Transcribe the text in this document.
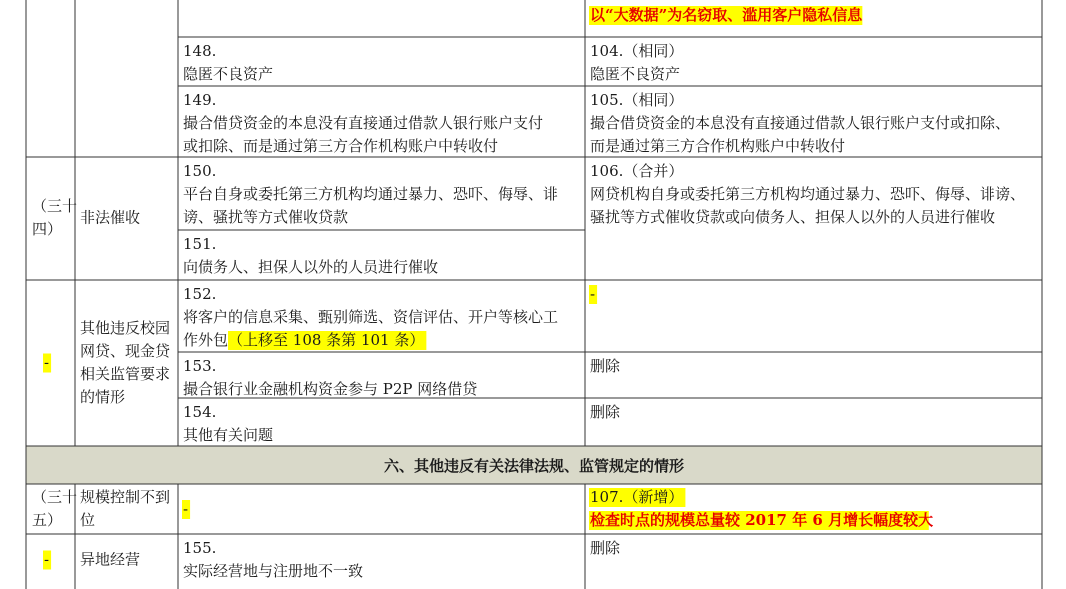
以“大数据”为名窃取、滥用客户隐私信息
148.
隐匿不良资产
104.（相同）
隐匿不良资产
149.
撮合借贷资金的本息没有直接通过借款人银行账户支付
或扣除、而是通过第三方合作机构账户中转收付
105.（相同）
撮合借贷资金的本息没有直接通过借款人银行账户支付或扣除、
而是通过第三方合作机构账户中转收付
150.
平台自身或委托第三方机构均通过暴力、恐吓、侮辱、诽
谤、骚扰等方式催收贷款
151.
向债务人、担保人以外的人员进行催收
106.（合并）
网贷机构自身或委托第三方机构均通过暴力、恐吓、侮辱、诽谤、
骚扰等方式催收贷款或向债务人、担保人以外的人员进行催收
（三十
四）
非法催收
152.
将客户的信息采集、甄别筛选、资信评估、开户等核心工
作外包 （上移至 108 条第 101 条）
-
153.
撮合银行业金融机构资金参与 P2P 网络借贷
删除
154.
其他有关问题
删除
-
其他违反校园
网贷、现金贷
相关监管要求
的情形
六、其他违反有关法律法规、监管规定的情形
-
107.（新增）
检查时点的规模总量较 2017 年 6 月增长幅度较大
（三十
五）
规模控制不到
位
155.
实际经营地与注册地不一致
删除
- 异地经营
